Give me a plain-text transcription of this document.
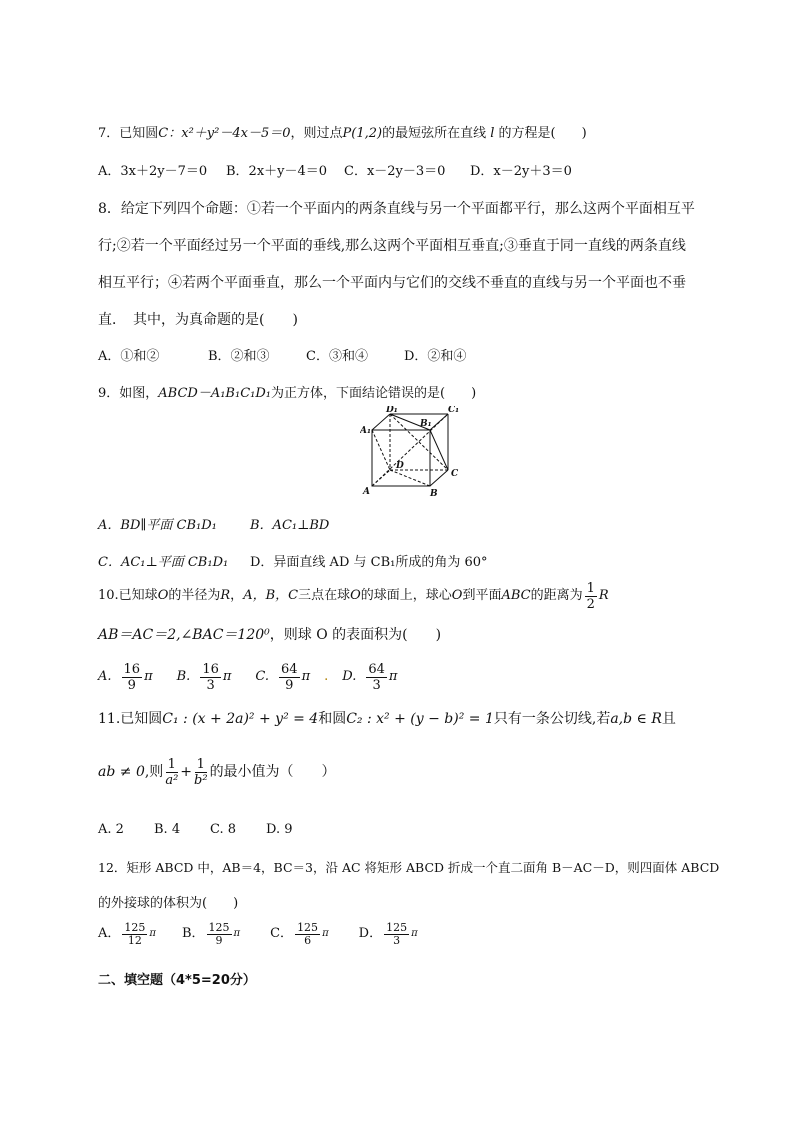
7．已知圆C：x²＋y²－4x－5＝0，则过点P(1,2)的最短弦所在直线 l 的方程是(　　)
A．3x＋2y－7＝0 B．2x＋y－4＝0 C．x－2y－3＝0 D．x－2y＋3＝0
8．给定下列四个命题：①若一个平面内的两条直线与另一个平面都平行，那么这两个平面相互平
行;②若一个平面经过另一个平面的垂线,那么这两个平面相互垂直;③垂直于同一直线的两条直线
相互平行；④若两个平面垂直，那么一个平面内与它们的交线不垂直的直线与另一个平面也不垂
直．　其中，为真命题的是(　　)
A．①和②	B．②和③	C．③和④	D．②和④
9．如图，ABCD－A₁B₁C₁D₁为正方体，下面结论错误的是(　　)
D₁	C₁
A₁
B₁
D
C
A	B
A．BD∥平面 CB₁D₁	B．AC₁⊥BD
C．AC₁⊥平面 CB₁D₁ D．异面直线 AD 与 CB₁所成的角为 60°
10.已知球 O 的半径为 R ， A，B，C 三点在球 O 的球面上，球心 O 到平面 ABC 的距离为 $\frac{1}{2}$ R
AB＝AC＝2,∠BAC＝120⁰，则球 O 的表面积为(　　)
A. $\frac{16}{9}$ π B. $\frac{16}{3}$ π C. $\frac{64}{9}$ π . D. $\frac{64}{3}$ π
11.已知圆C₁ : (x + 2a)² + y² = 4和圆C₂ : x² + (y − b)² = 1只有一条公切线,若a,b ∈ R且
ab ≠ 0 ,则 $\frac{1}{\text{a²}} + \frac{1}{\text{b²}}$ 的最小值为（　　）
A. 2 B. 4 C. 8 D. 9
12．矩形 ABCD 中，AB＝4，BC＝3，沿 AC 将矩形 ABCD 折成一个直二面角 B－AC－D，则四面体 ABCD
的外接球的体积为(　　)
A． $\frac{125}{12}$ π B． $\frac{125}{9}$ π C． $\frac{125}{6}$ π D． $\frac{125}{3}$ π
二、填空题（4*5=20分）
